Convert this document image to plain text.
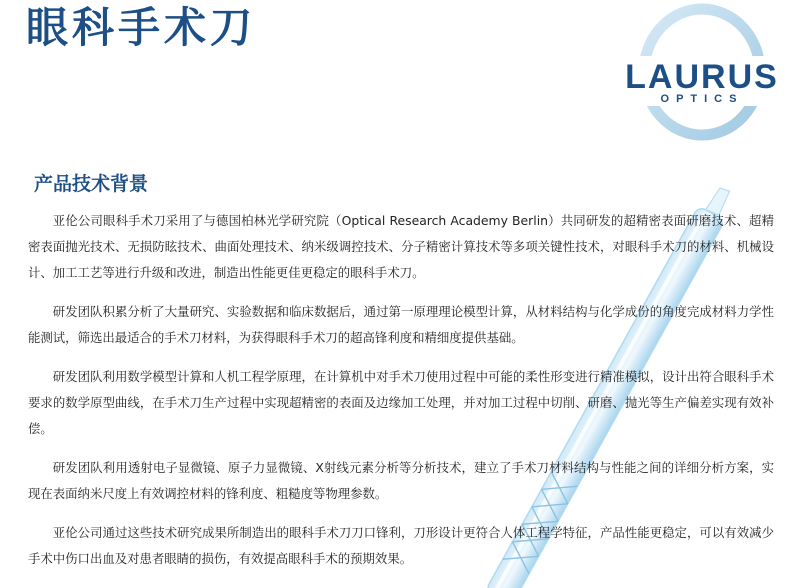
眼科手术刀
LAURUS
OPTICS
产品技术背景

亚伦公司眼科手术刀采用了与德国柏林光学研究院（Optical Research Academy Berlin）共同研发的超精密表面研磨技术、超精密表面抛光技术、无损防眩技术、曲面处理技术、纳米级调控技术、分子精密计算技术等多项关键性技术，对眼科手术刀的材料、机械设计、加工工艺等进行升级和改进，制造出性能更佳更稳定的眼科手术刀。

研发团队积累分析了大量研究、实验数据和临床数据后，通过第一原理理论模型计算，从材料结构与化学成份的角度完成材料力学性能测试，筛选出最适合的手术刀材料，为获得眼科手术刀的超高锋利度和精细度提供基础。

研发团队利用数学模型计算和人机工程学原理，在计算机中对手术刀使用过程中可能的柔性形变进行精准模拟，设计出符合眼科手术要求的数学原型曲线，在手术刀生产过程中实现超精密的表面及边缘加工处理，并对加工过程中切削、研磨、抛光等生产偏差实现有效补偿。

研发团队利用透射电子显微镜、原子力显微镜、X射线元素分析等分析技术，建立了手术刀材料结构与性能之间的详细分析方案，实现在表面纳米尺度上有效调控材料的锋利度、粗糙度等物理参数。

亚伦公司通过这些技术研究成果所制造出的眼科手术刀刀口锋利，刀形设计更符合人体工程学特征，产品性能更稳定，可以有效减少手术中伤口出血及对患者眼睛的损伤，有效提高眼科手术的预期效果。
